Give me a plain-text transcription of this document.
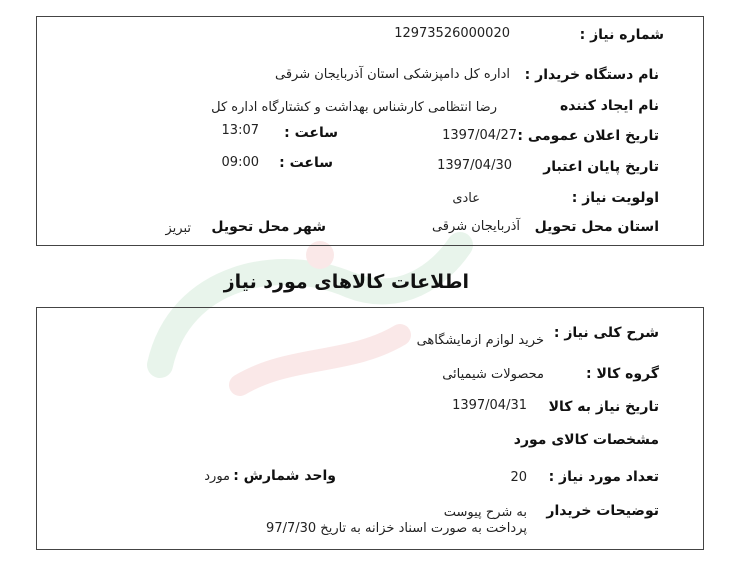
شماره نیاز :
12973526000020
نام دستگاه خریدار :
اداره کل دامپزشکی استان آذربایجان شرقی
نام ایجاد کننده
رضا انتظامی کارشناس بهداشت و کشتارگاه اداره کل
تاریخ اعلان عمومی :
1397/04/27
ساعت :
13:07
تاریخ پایان اعتبار
1397/04/30
ساعت :
09:00
اولویت نیاز :
عادی
استان محل تحویل
آذربایجان شرقی
شهر محل تحویل
تبریز
اطلاعات کالاهای مورد نیاز
شرح کلی نیاز :
خرید لوازم ازمایشگاهی
گروه کالا :
محصولات شیمیائی
تاریخ نیاز به کالا
1397/04/31
مشخصات کالای مورد
تعداد مورد نیاز :
20
واحد شمارش :
مورد
توضیحات خریدار
به شرح پیوست
پرداخت به صورت اسناد خزانه به تاریخ 97/7/30
